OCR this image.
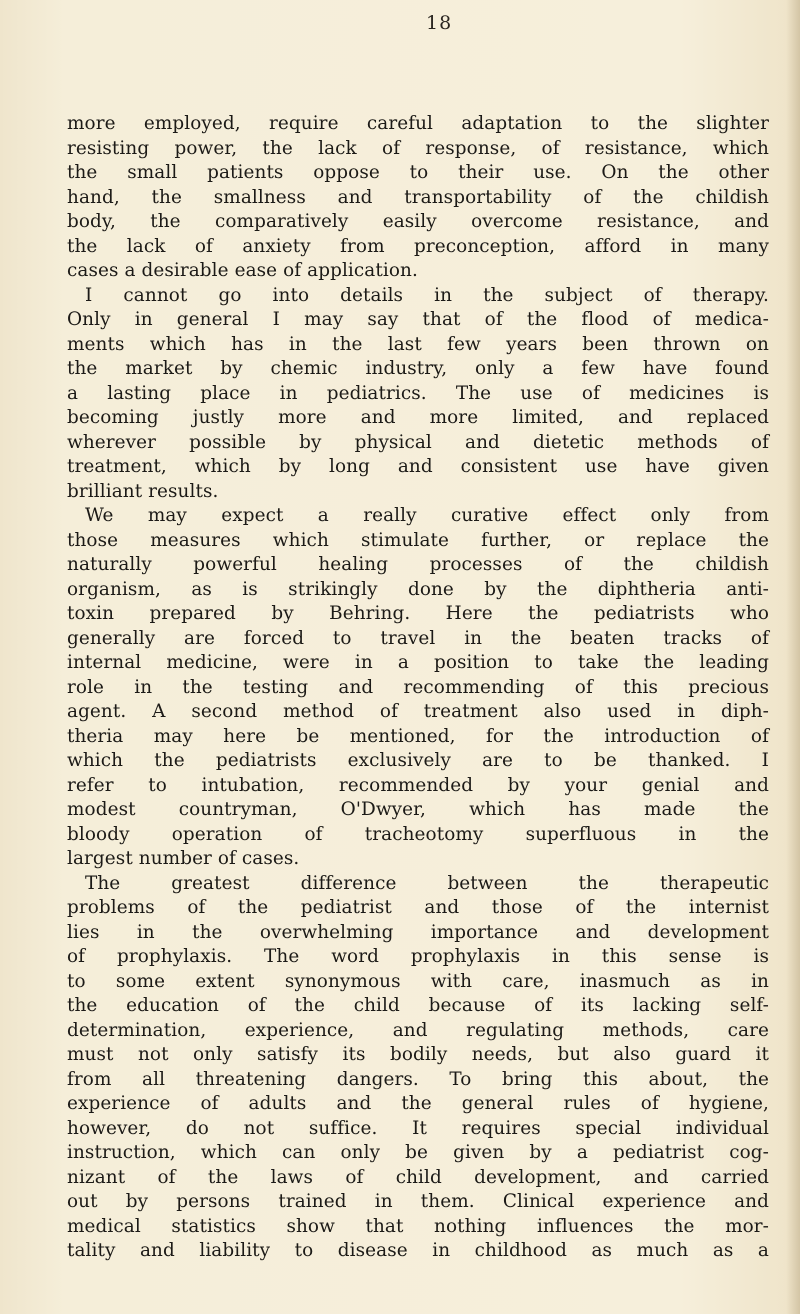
18
more employed, require careful adaptation to the slighter
resisting power, the lack of response, of resistance, which
the small patients oppose to their use. On the other
hand, the smallness and transportability of the childish
body, the comparatively easily overcome resistance, and
the lack of anxiety from preconception, afford in many
cases a desirable ease of application.
I cannot go into details in the subject of therapy.
Only in general I may say that of the flood of medica-
ments which has in the last few years been thrown on
the market by chemic industry, only a few have found
a lasting place in pediatrics. The use of medicines is
becoming justly more and more limited, and replaced
wherever possible by physical and dietetic methods of
treatment, which by long and consistent use have given
brilliant results.
We may expect a really curative effect only from
those measures which stimulate further, or replace the
naturally powerful healing processes of the childish
organism, as is strikingly done by the diphtheria anti-
toxin prepared by Behring. Here the pediatrists who
generally are forced to travel in the beaten tracks of
internal medicine, were in a position to take the leading
role in the testing and recommending of this precious
agent. A second method of treatment also used in diph-
theria may here be mentioned, for the introduction of
which the pediatrists exclusively are to be thanked. I
refer to intubation, recommended by your genial and
modest countryman, O'Dwyer, which has made the
bloody operation of tracheotomy superfluous in the
largest number of cases.
The greatest difference between the therapeutic
problems of the pediatrist and those of the internist
lies in the overwhelming importance and development
of prophylaxis. The word prophylaxis in this sense is
to some extent synonymous with care, inasmuch as in
the education of the child because of its lacking self-
determination, experience, and regulating methods, care
must not only satisfy its bodily needs, but also guard it
from all threatening dangers. To bring this about, the
experience of adults and the general rules of hygiene,
however, do not suffice. It requires special individual
instruction, which can only be given by a pediatrist cog-
nizant of the laws of child development, and carried
out by persons trained in them. Clinical experience and
medical statistics show that nothing influences the mor-
tality and liability to disease in childhood as much as a
